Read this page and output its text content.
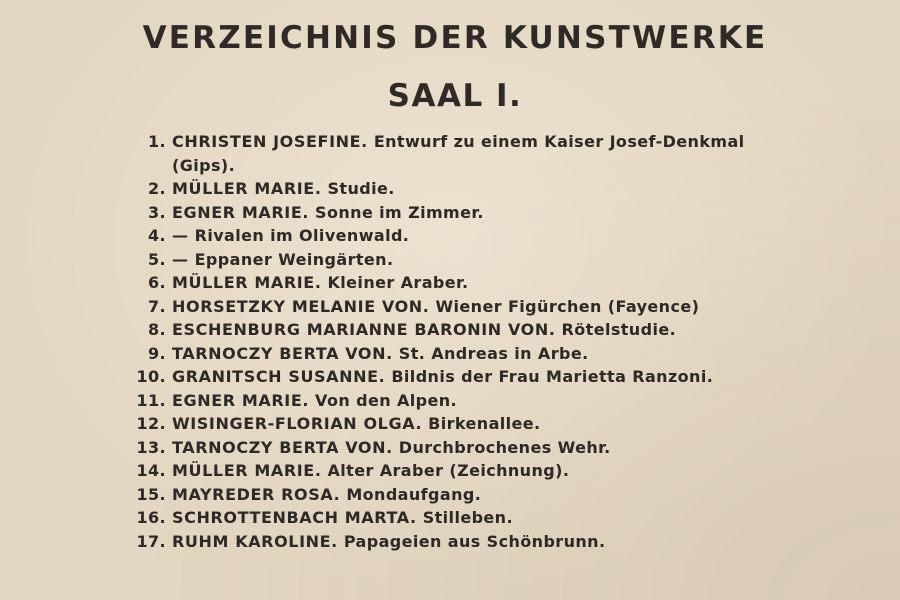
VERZEICHNIS DER KUNSTWERKE
SAAL I.
1. CHRISTEN JOSEFINE. Entwurf zu einem Kaiser Josef-Denkmal (Gips).
2. MÜLLER MARIE. Studie.
3. EGNER MARIE. Sonne im Zimmer.
4. — Rivalen im Olivenwald.
5. — Eppaner Weingärten.
6. MÜLLER MARIE. Kleiner Araber.
7. HORSETZKY MELANIE VON. Wiener Figürchen (Fayence)
8. ESCHENBURG MARIANNE BARONIN VON. Rötelstudie.
9. TARNOCZY BERTA VON. St. Andreas in Arbe.
10. GRANITSCH SUSANNE. Bildnis der Frau Marietta Ranzoni.
11. EGNER MARIE. Von den Alpen.
12. WISINGER-FLORIAN OLGA. Birkenallee.
13. TARNOCZY BERTA VON. Durchbrochenes Wehr.
14. MÜLLER MARIE. Alter Araber (Zeichnung).
15. MAYREDER ROSA. Mondaufgang.
16. SCHROTTENBACH MARTA. Stilleben.
17. RUHM KAROLINE. Papageien aus Schönbrunn.
